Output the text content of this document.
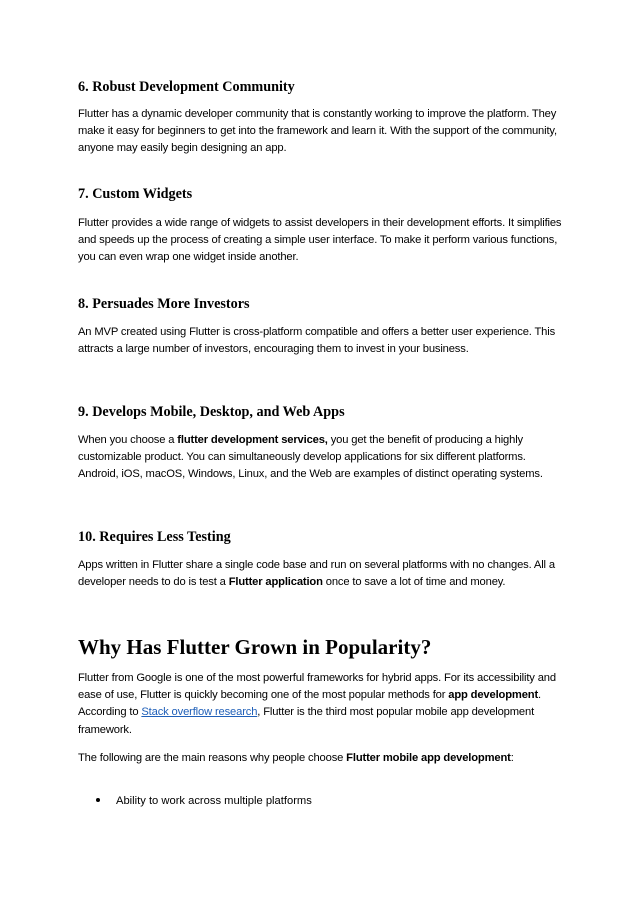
6. Robust Development Community

Flutter has a dynamic developer community that is constantly working to improve the platform. They make it easy for beginners to get into the framework and learn it. With the support of the community, anyone may easily begin designing an app.

7. Custom Widgets

Flutter provides a wide range of widgets to assist developers in their development efforts. It simplifies and speeds up the process of creating a simple user interface. To make it perform various functions, you can even wrap one widget inside another.

8. Persuades More Investors

An MVP created using Flutter is cross-platform compatible and offers a better user experience. This attracts a large number of investors, encouraging them to invest in your business.

9. Develops Mobile, Desktop, and Web Apps

When you choose a flutter development services, you get the benefit of producing a highly customizable product. You can simultaneously develop applications for six different platforms. Android, iOS, macOS, Windows, Linux, and the Web are examples of distinct operating systems.

10. Requires Less Testing

Apps written in Flutter share a single code base and run on several platforms with no changes. All a developer needs to do is test a Flutter application once to save a lot of time and money.

Why Has Flutter Grown in Popularity?

Flutter from Google is one of the most powerful frameworks for hybrid apps. For its accessibility and ease of use, Flutter is quickly becoming one of the most popular methods for app development. According to Stack overflow research, Flutter is the third most popular mobile app development framework.

The following are the main reasons why people choose Flutter mobile app development:

Ability to work across multiple platforms
